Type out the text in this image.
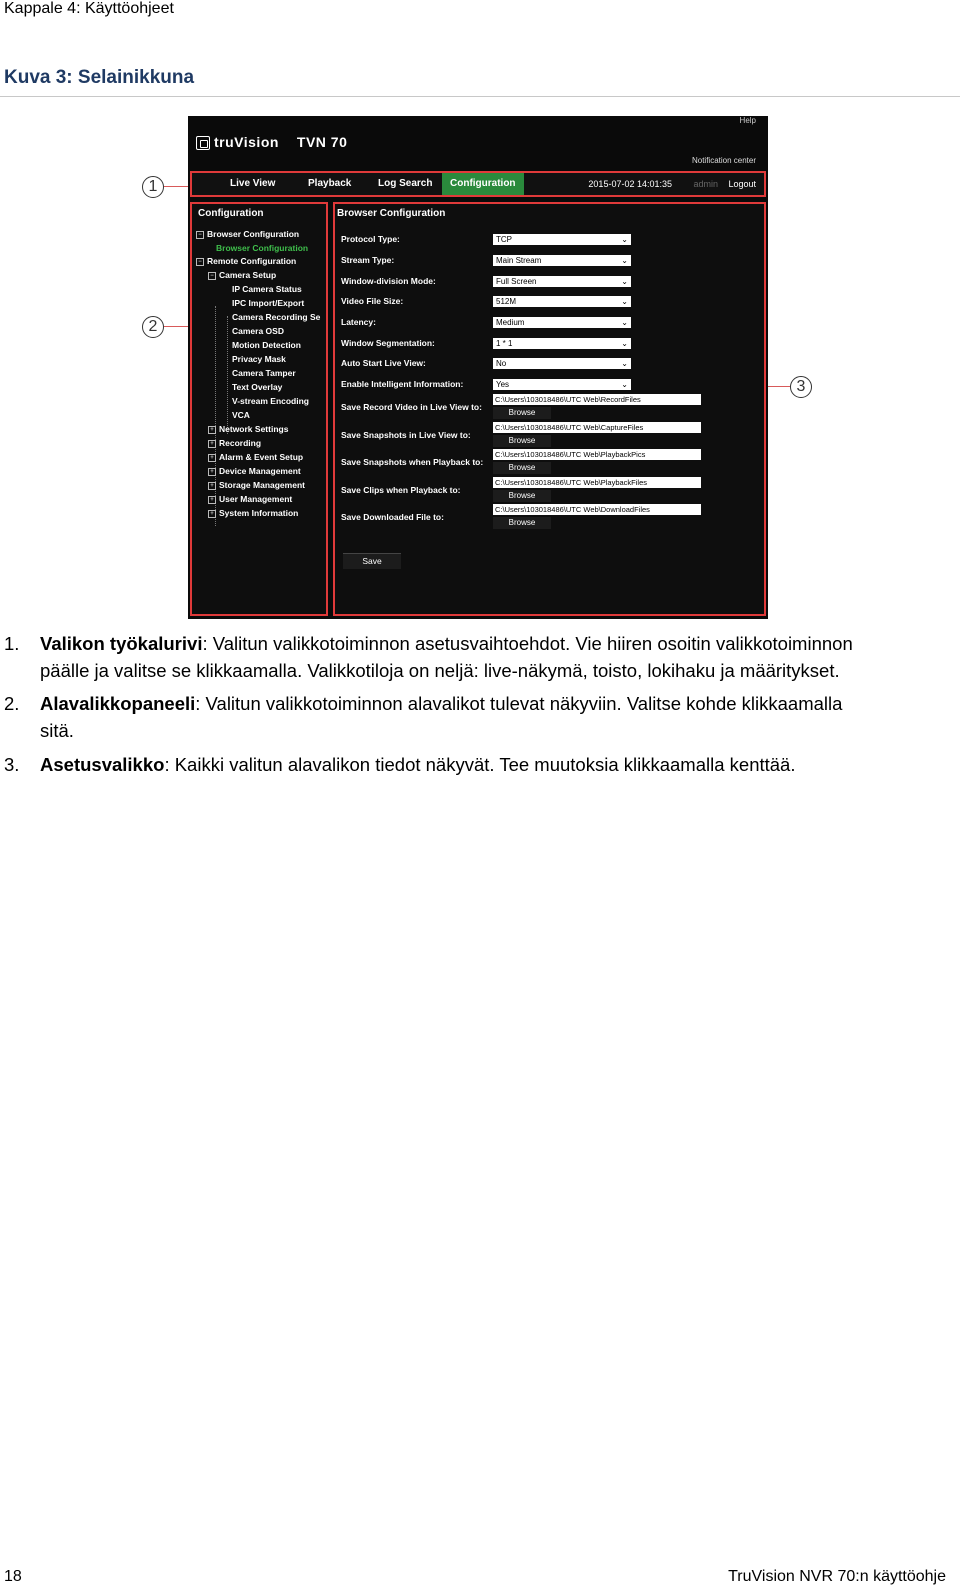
Kappale 4: Käyttöohjeet
Kuva 3: Selainikkuna
1
2
3
Help
truVision TVN 70
Notification center
Live View	Playback	Log Search	Configuration	2015-07-02 14:01:35 admin Logout
Configuration
− Browser Configuration
Browser Configuration
− Remote Configuration
− Camera Setup
IP Camera Status
IPC Import/Export
Camera Recording Se
Camera OSD
Motion Detection
Privacy Mask
Camera Tamper
Text Overlay
V-stream Encoding
VCA
+ Network Settings
+ Recording
+ Alarm & Event Setup
+ Device Management
+ Storage Management
+ User Management
+ System Information
Browser Configuration
Protocol Type:	TCP	⌄
Stream Type:	Main Stream	⌄
Window-division Mode:	Full Screen	⌄
Video File Size:	512M	⌄
Latency:	Medium	⌄
Window Segmentation:	1 * 1	⌄
Auto Start Live View:	No	⌄
Enable Intelligent Information:	Yes	⌄
Save Record Video in Live View to:
C:\Users\103018486\UTC Web\RecordFiles
Browse
Save Snapshots in Live View to:
C:\Users\103018486\UTC Web\CaptureFiles
Browse
Save Snapshots when Playback to:
C:\Users\103018486\UTC Web\PlaybackPics
Browse
Save Clips when Playback to:
C:\Users\103018486\UTC Web\PlaybackFiles
Browse
Save Downloaded File to:
C:\Users\103018486\UTC Web\DownloadFiles
Browse
Save
1. Valikon työkalurivi: Valitun valikkotoiminnon asetusvaihtoehdot. Vie hiiren osoitin valikkotoiminnon
päälle ja valitse se klikkaamalla. Valikkotiloja on neljä: live-näkymä, toisto, lokihaku ja määritykset.
2. Alavalikkopaneeli: Valitun valikkotoiminnon alavalikot tulevat näkyviin. Valitse kohde klikkaamalla
sitä.
3. Asetusvalikko: Kaikki valitun alavalikon tiedot näkyvät. Tee muutoksia klikkaamalla kenttää.
18	TruVision NVR 70:n käyttöohje
